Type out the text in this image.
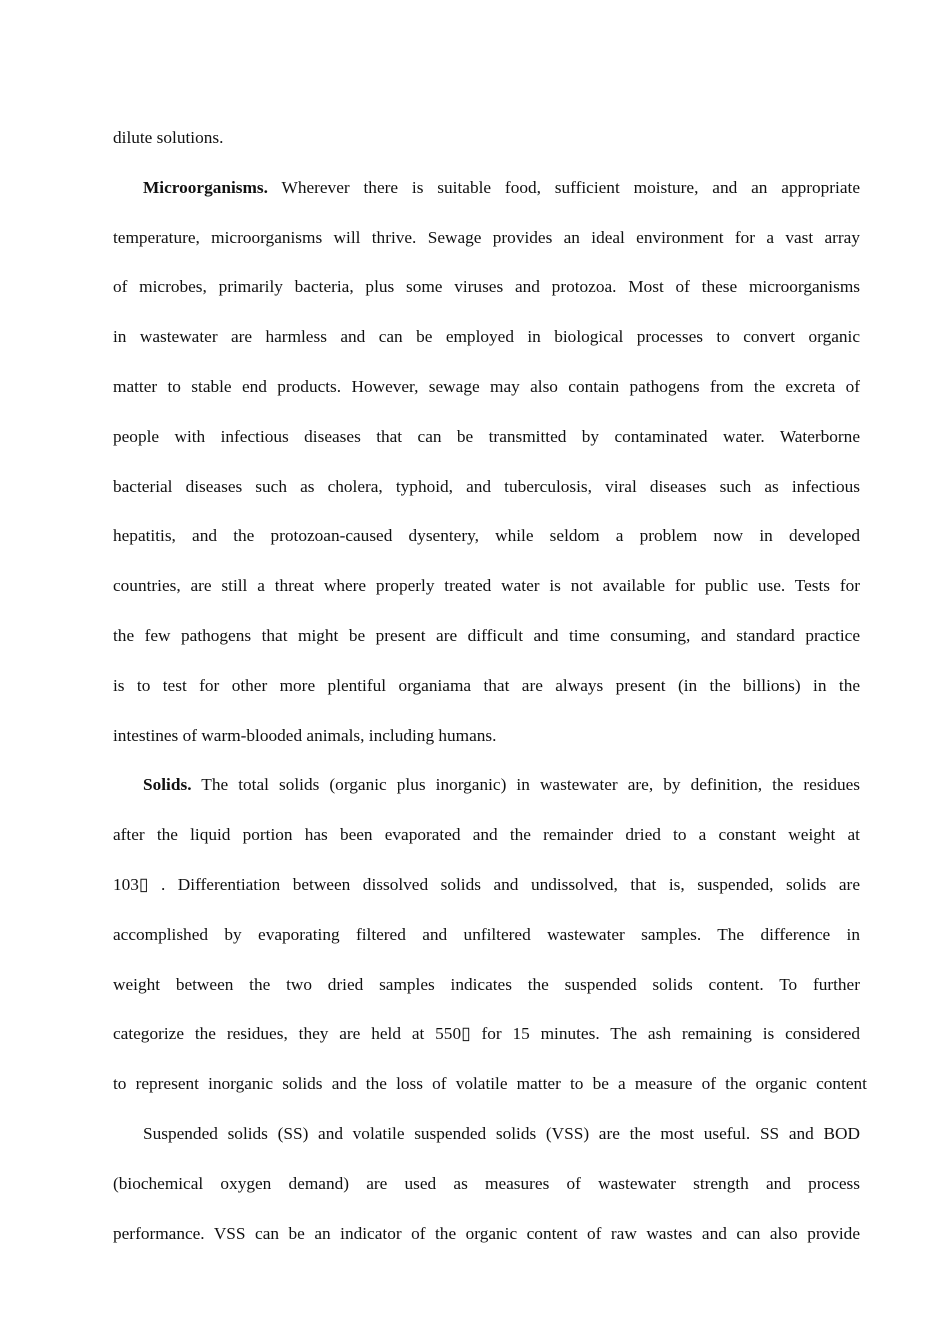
dilute solutions.
Microorganisms. Wherever there is suitable food, sufficient moisture, and an appropriate
temperature, microorganisms will thrive. Sewage provides an ideal environment for a vast array
of microbes, primarily bacteria, plus some viruses and protozoa. Most of these microorganisms
in wastewater are harmless and can be employed in biological processes to convert organic
matter to stable end products. However, sewage may also contain pathogens from the excreta of
people with infectious diseases that can be transmitted by contaminated water. Waterborne
bacterial diseases such as cholera, typhoid, and tuberculosis, viral diseases such as infectious
hepatitis, and the protozoan-caused dysentery, while seldom a problem now in developed
countries, are still a threat where properly treated water is not available for public use. Tests for
the few pathogens that might be present are difficult and time consuming, and standard practice
is to test for other more plentiful organiama that are always present (in the billions) in the
intestines of warm-blooded animals, including humans.
Solids. The total solids (organic plus inorganic) in wastewater are, by definition, the residues
after the liquid portion has been evaporated and the remainder dried to a constant weight at
103▯ . Differentiation between dissolved solids and undissolved, that is, suspended, solids are
accomplished by evaporating filtered and unfiltered wastewater samples. The difference in
weight between the two dried samples indicates the suspended solids content. To further
categorize the residues, they are held at 550▯ for 15 minutes. The ash remaining is considered
to represent inorganic solids and the loss of volatile matter to be a measure of the organic content
Suspended solids (SS) and volatile suspended solids (VSS) are the most useful. SS and BOD
(biochemical oxygen demand) are used as measures of wastewater strength and process
performance. VSS can be an indicator of the organic content of raw wastes and can also provide
